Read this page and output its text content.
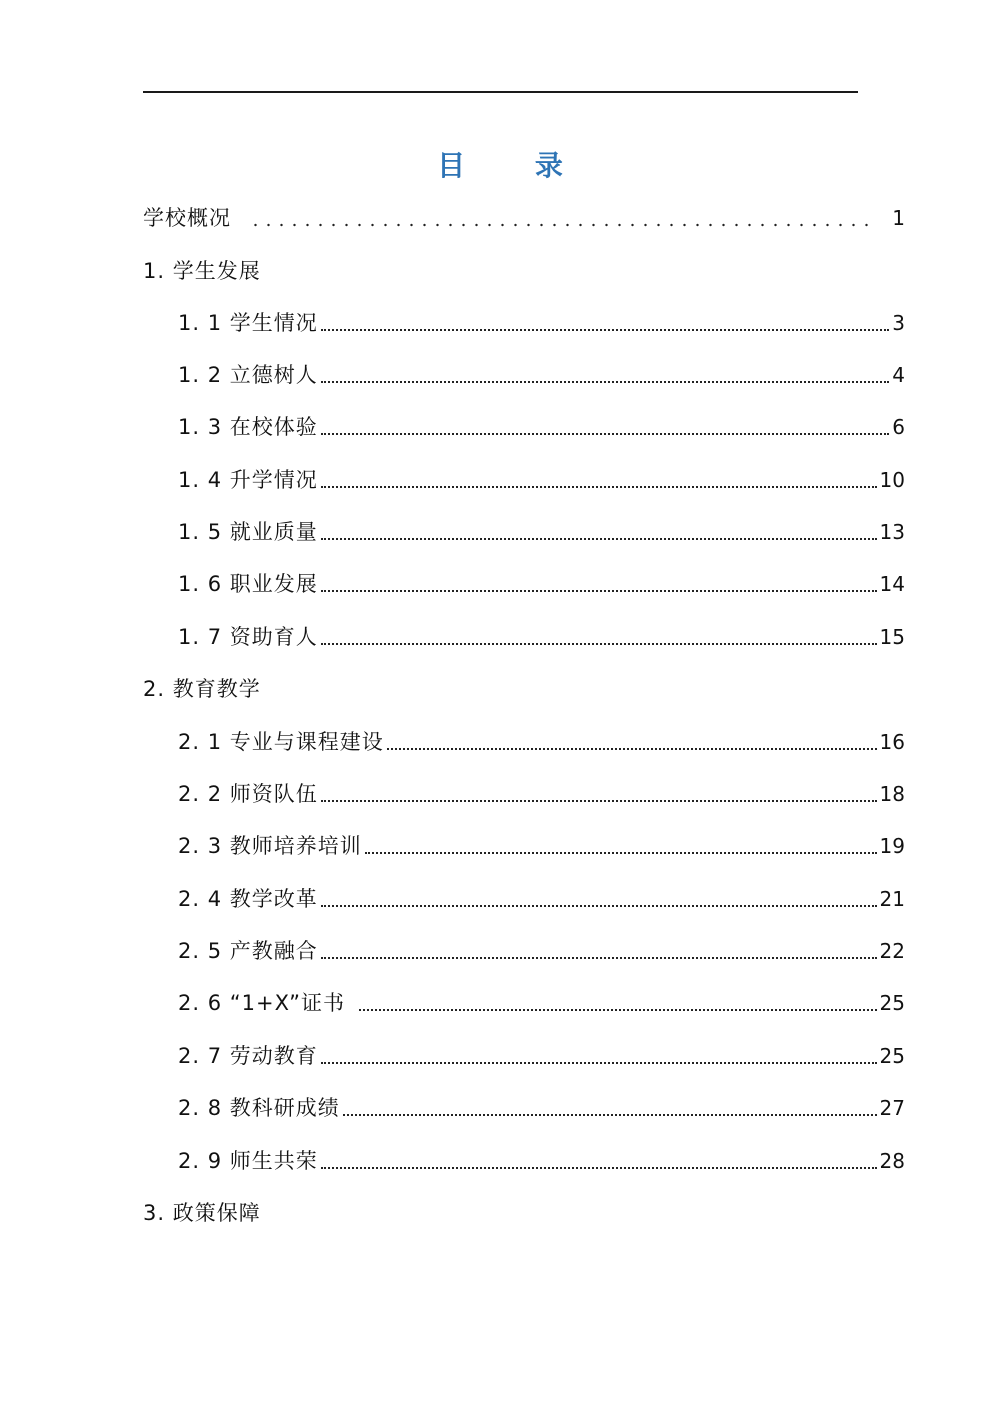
目 录
学校概况	1
1. 学生发展
1. 1 学生情况	3
1. 2 立德树人	4
1. 3 在校体验	6
1. 4 升学情况	10
1. 5 就业质量	13
1. 6 职业发展	14
1. 7 资助育人	15
2. 教育教学
2. 1 专业与课程建设	16
2. 2 师资队伍	18
2. 3 教师培养培训	19
2. 4 教学改革	21
2. 5 产教融合	22
2. 6 “1+X”证书	25
2. 7 劳动教育	25
2. 8 教科研成绩	27
2. 9 师生共荣	28
3. 政策保障
